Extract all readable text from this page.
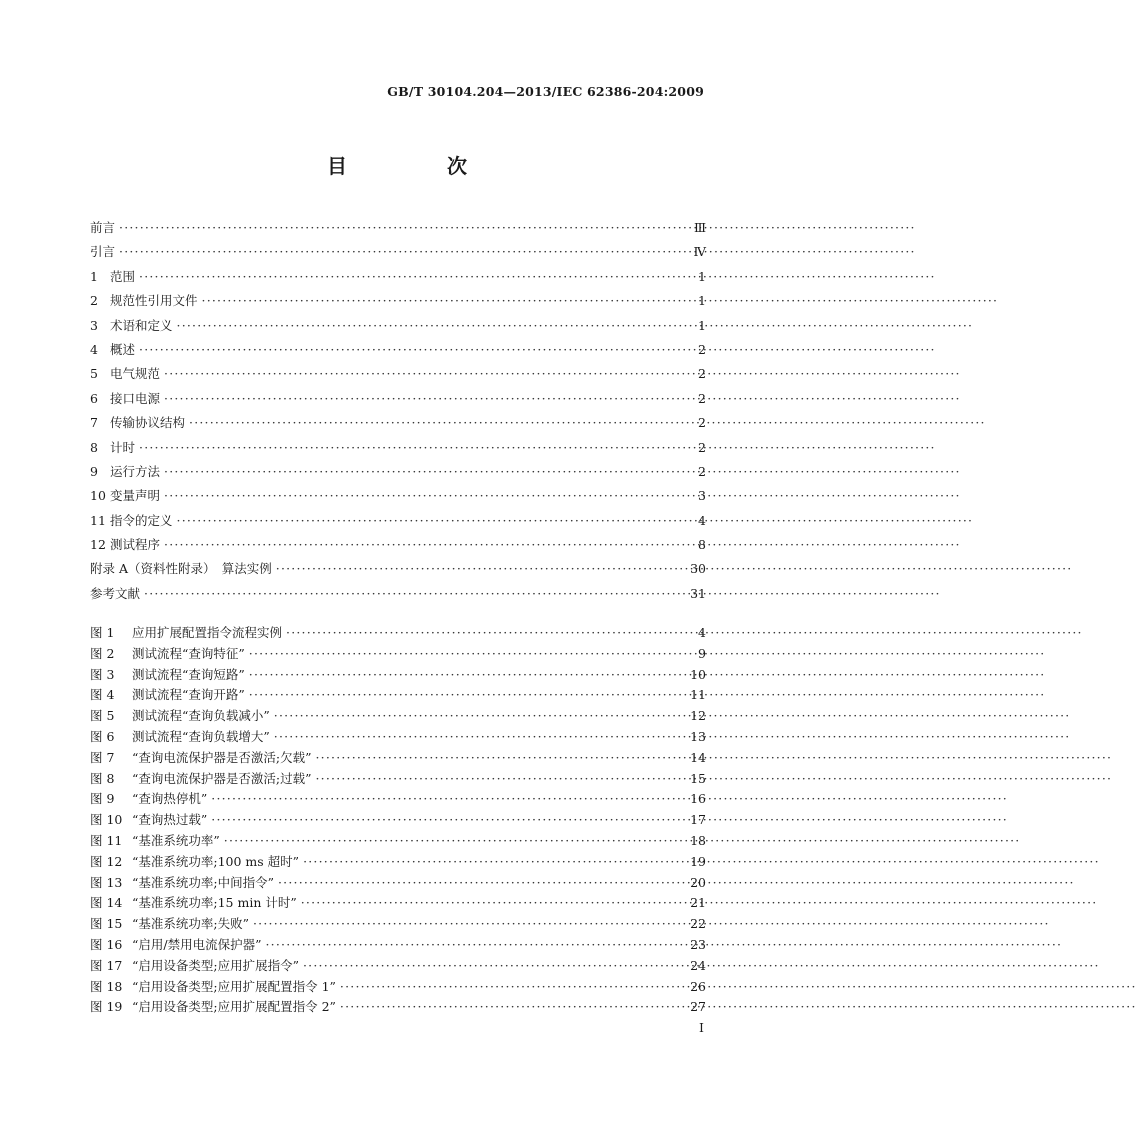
GB/T 30104.204—2013/IEC 62386-204:2009
目　次
前言 ·····	Ⅲ
引言 ·····	Ⅳ
1 范围 ·····	1
2 规范性引用文件 ·····	1
3 术语和定义 ·····	1
4 概述 ·····	2
5 电气规范 ·····	2
6 接口电源 ·····	2
7 传输协议结构 ·····	2
8 计时 ·····	2
9 运行方法 ·····	2
10 变量声明 ·····	3
11 指令的定义 ·····	4
12 测试程序 ·····	8
附录 A（资料性附录）　算法实例 ·····	30
参考文献 ·····	31
图 1	应用扩展配置指令流程实例 ·····	4
图 2	测试流程“查询特征” ·····	9
图 3	测试流程“查询短路” ·····	10
图 4	测试流程“查询开路” ·····	11
图 5	测试流程“查询负载减小” ·····	12
图 6	测试流程“查询负载增大” ·····	13
图 7	“查询电流保护器是否激活;欠载” ·····	14
图 8	“查询电流保护器是否激活;过载” ·····	15
图 9	“查询热停机” ·····	16
图 10 “查询热过载” ·····	17
图 11 “基准系统功率” ·····	18
图 12 “基准系统功率;100 ms 超时” ·····	19
图 13 “基准系统功率;中间指令” ·····	20
图 14 “基准系统功率;15 min 计时” ·····	21
图 15 “基准系统功率;失败” ·····	22
图 16 “启用/禁用电流保护器” ·····	23
图 17 “启用设备类型;应用扩展指令” ·····	24
图 18 “启用设备类型;应用扩展配置指令 1” ·····	26
图 19 “启用设备类型;应用扩展配置指令 2” ·····	27
I
